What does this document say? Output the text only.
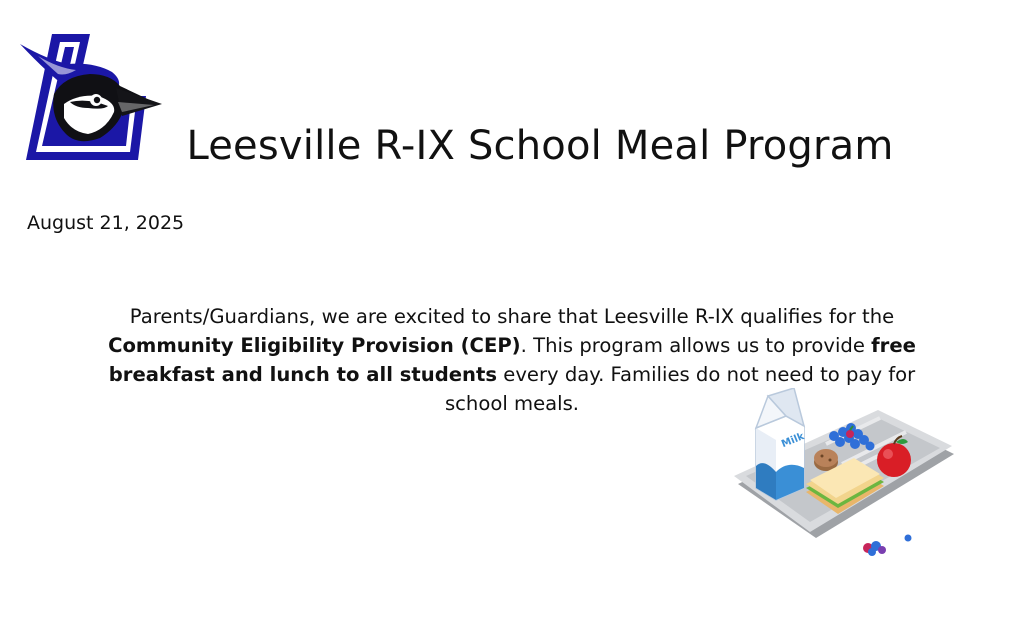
Leesville R-IX School Meal Program

August 21, 2025

Parents/Guardians, we are excited to share that Leesville R-IX qualifies for the Community Eligibility Provision (CEP). This program allows us to provide free breakfast and lunch to all students every day. Families do not need to pay for school meals.

Milk
